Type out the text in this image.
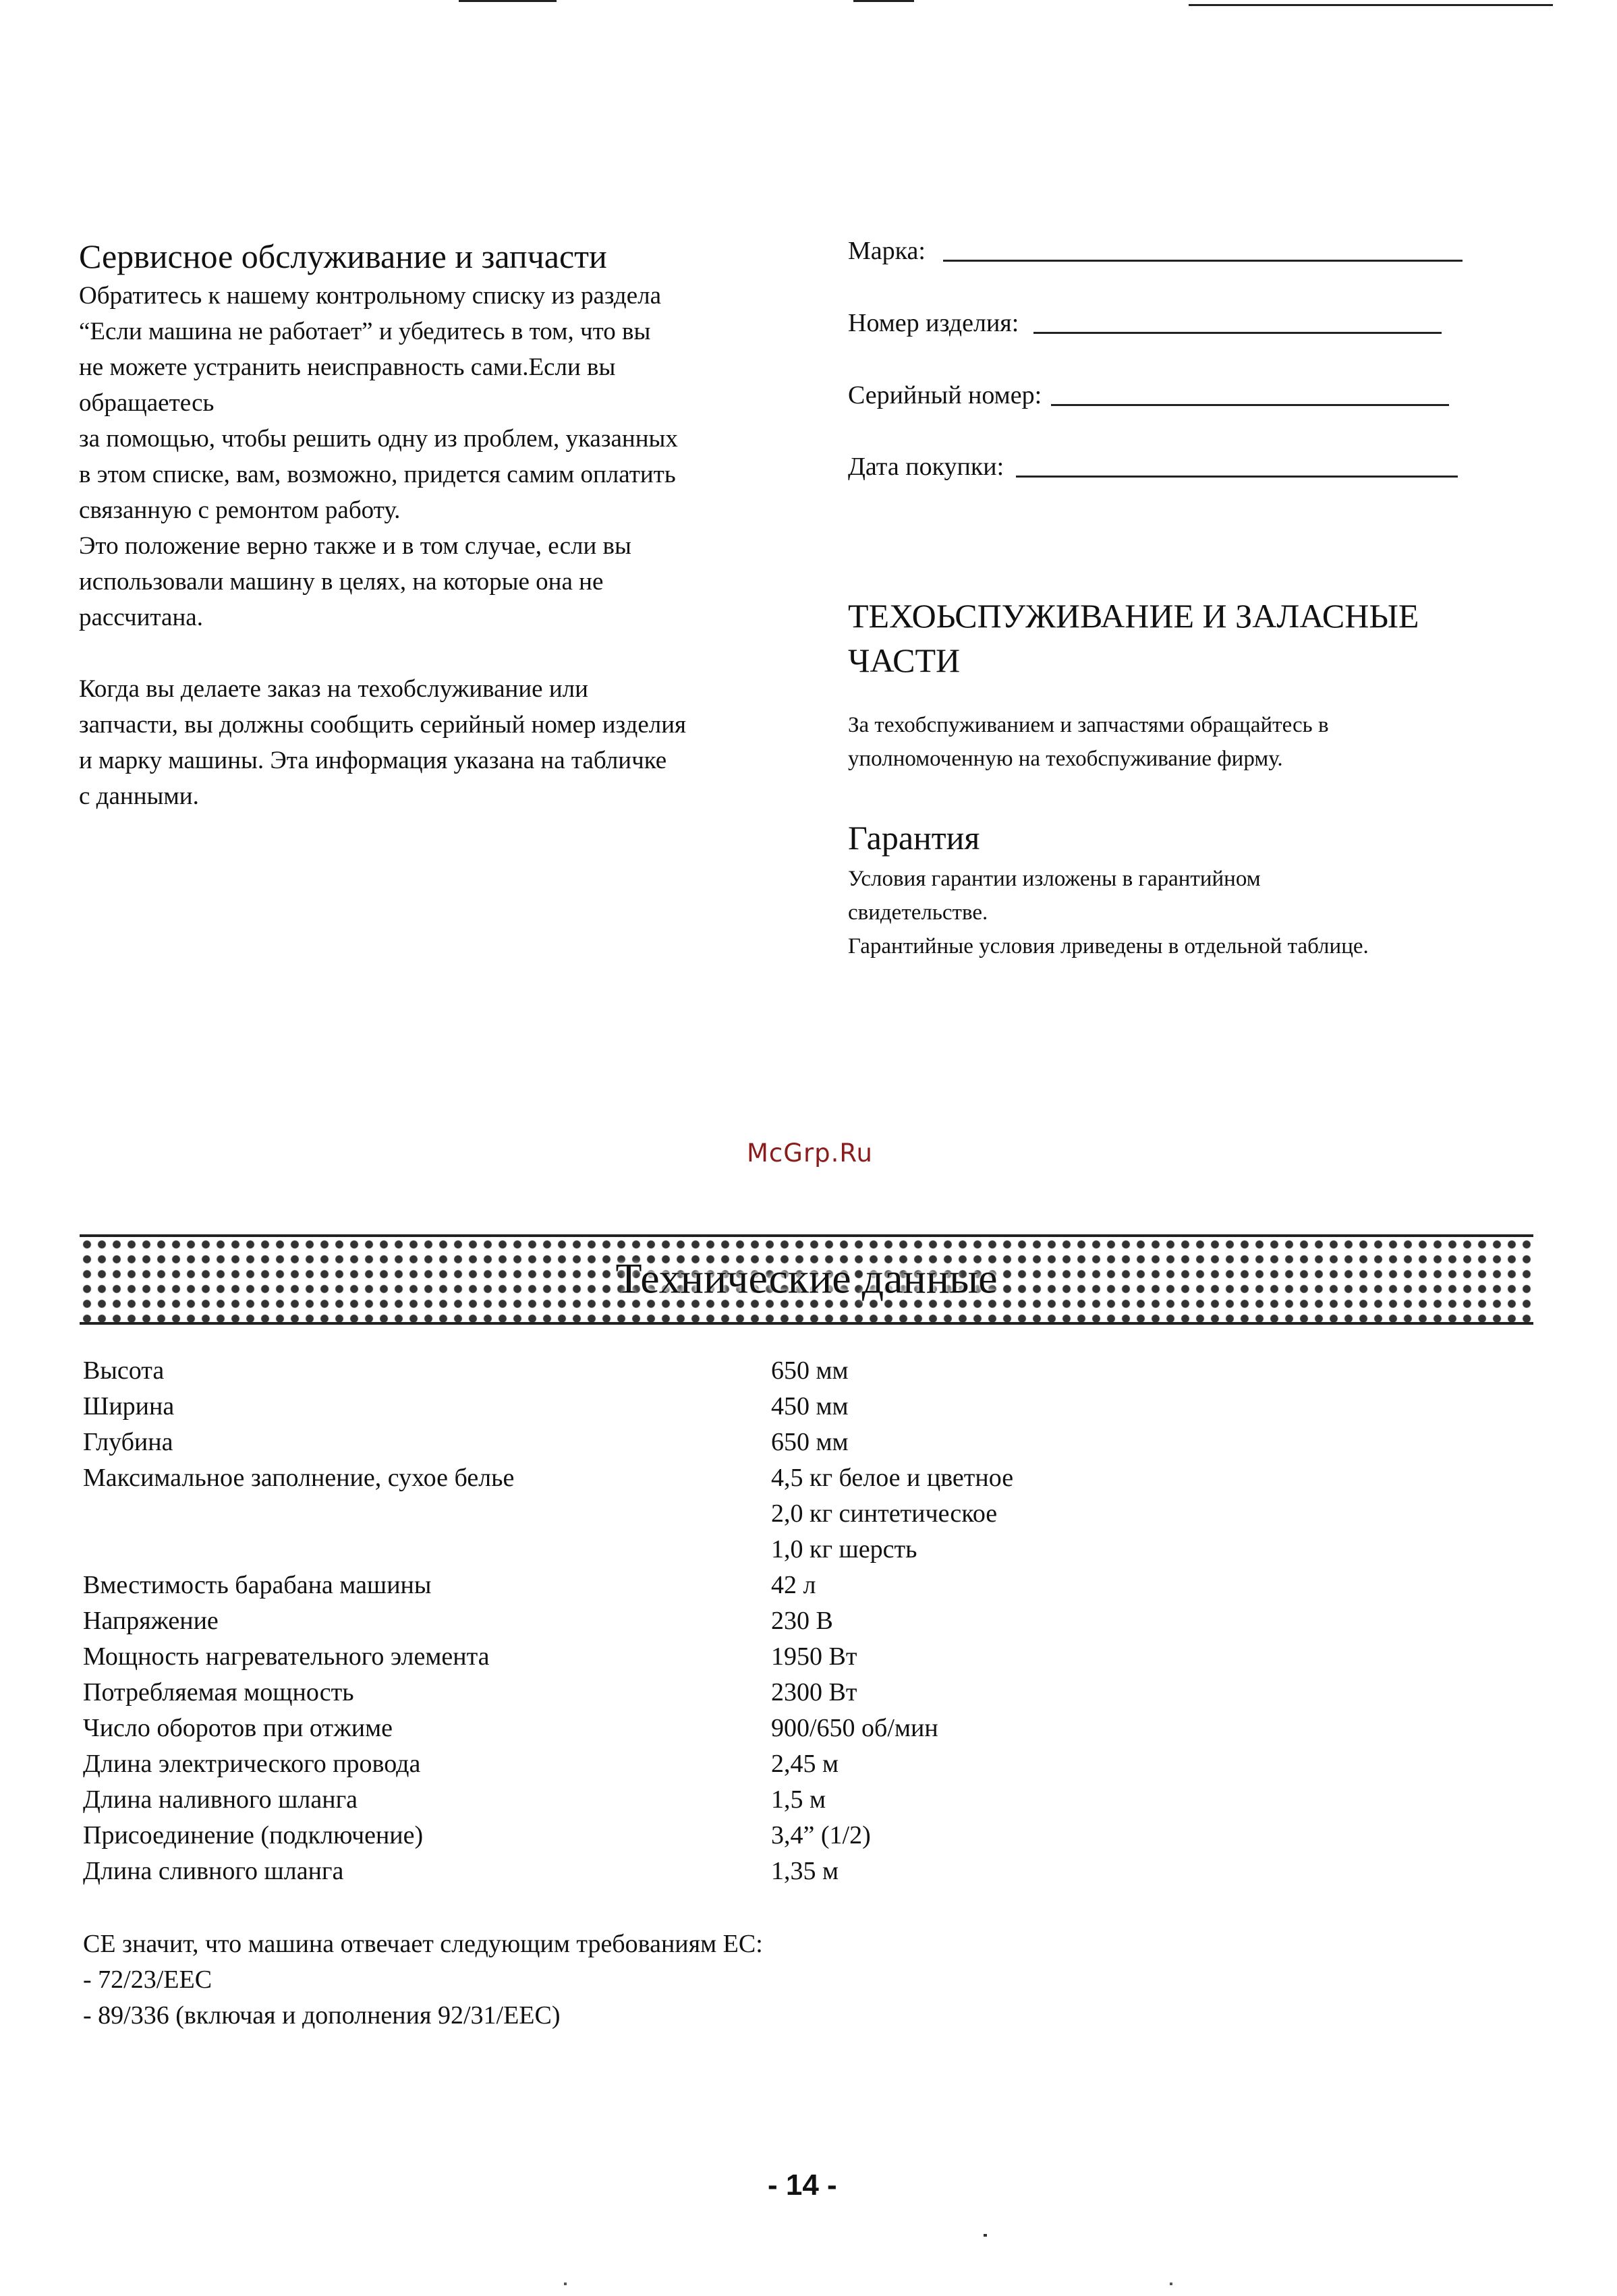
Сервисное обслуживание и запчасти

Обратитесь к нашему контрольному списку из раздела

“Если машина не работает” и убедитесь в том, что вы

не можете устранить неисправность сами.Если вы

обращаетесь

за помощью, чтобы решить одну из проблем, указанных

в этом списке, вам, возможно, придется самим оплатить

связанную с ремонтом работу.

Это положение верно также и в том случае, если вы

использовали машину в целях, на которые она не

рассчитана.

Когда вы делаете заказ на техобслуживание или

запчасти, вы должны сообщить серийный номер изделия

и марку машины. Эта информация указана на табличке

с данными.

Марка:
Номер изделия:
Серийный номер:
Дата покупки:
ТЕХОЬСПУЖИВАНИЕ И ЗАЛАСНЫЕ
ЧАСТИ

За техобспуживанием и запчастями обращайтесь в

уполномоченную на техобспуживание фирму.

Гарантия

Условия гарантии изложены в гарантийном

свидетельстве.

Гарантийные условия лриведены в отдельной таблице.

McGrp.Ru
Технические данные
Высота	650 мм
Ширина	450 мм
Глубина	650 мм
Максимальное заполнение, сухое белье	4,5 кг белое и цветное
2,0 кг синтетическое
1,0 кг шерсть
Вместимость барабана машины	42 л
Напряжение	230 В
Мощность нагревательного элемента	1950 Вт
Потребляемая мощность	2300 Вт
Число оборотов при отжиме	900/650 об/мин
Длина электрического провода	2,45 м
Длина наливного шланга	1,5 м
Присоединение (подключение)	3,4” (1/2)
Длина сливного шланга	1,35 м

СЕ значит, что машина отвечает следующим требованиям ЕС:

- 72/23/ЕЕС

- 89/336 (включая и дополнения 92/31/ЕЕС)

- 14 -
